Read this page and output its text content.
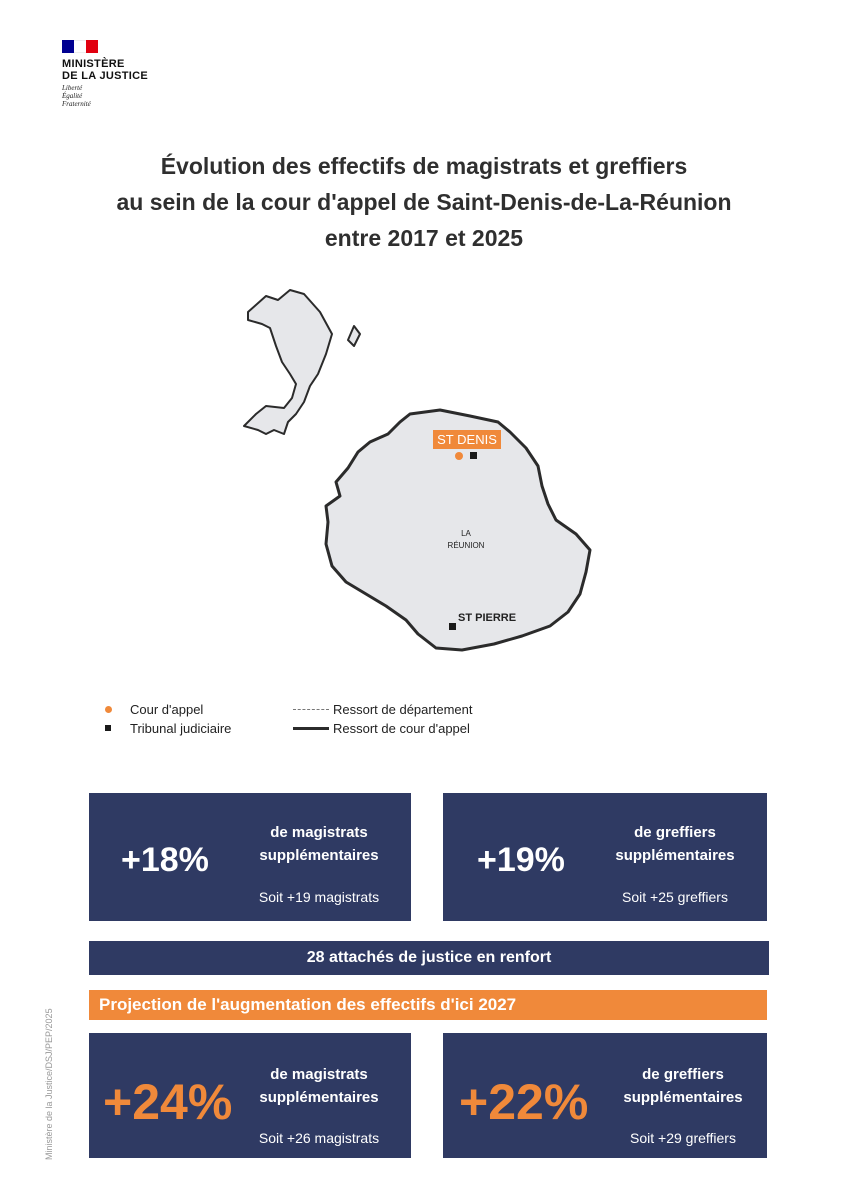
MINISTÈRE
DE LA JUSTICE
Liberté
Égalité
Fraternité
Évolution des effectifs de magistrats et greffiers
au sein de la cour d'appel de Saint-Denis-de-La-Réunion
entre 2017 et 2025
ST DENIS
LA
RÉUNION
ST PIERRE
Cour d'appel
Tribunal judiciaire
Ressort de département
Ressort de cour d'appel
+18%
de magistrats
supplémentaires
Soit +19 magistrats
+19%
de greffiers
supplémentaires
Soit +25 greffiers
28 attachés de justice en renfort
Projection de l'augmentation des effectifs d'ici 2027
+24%	de magistrats
supplémentaires
Soit +26 magistrats
+22%	de greffiers
supplémentaires
Soit +29 greffiers
Ministère de la Justice/DSJ/PEP/2025
